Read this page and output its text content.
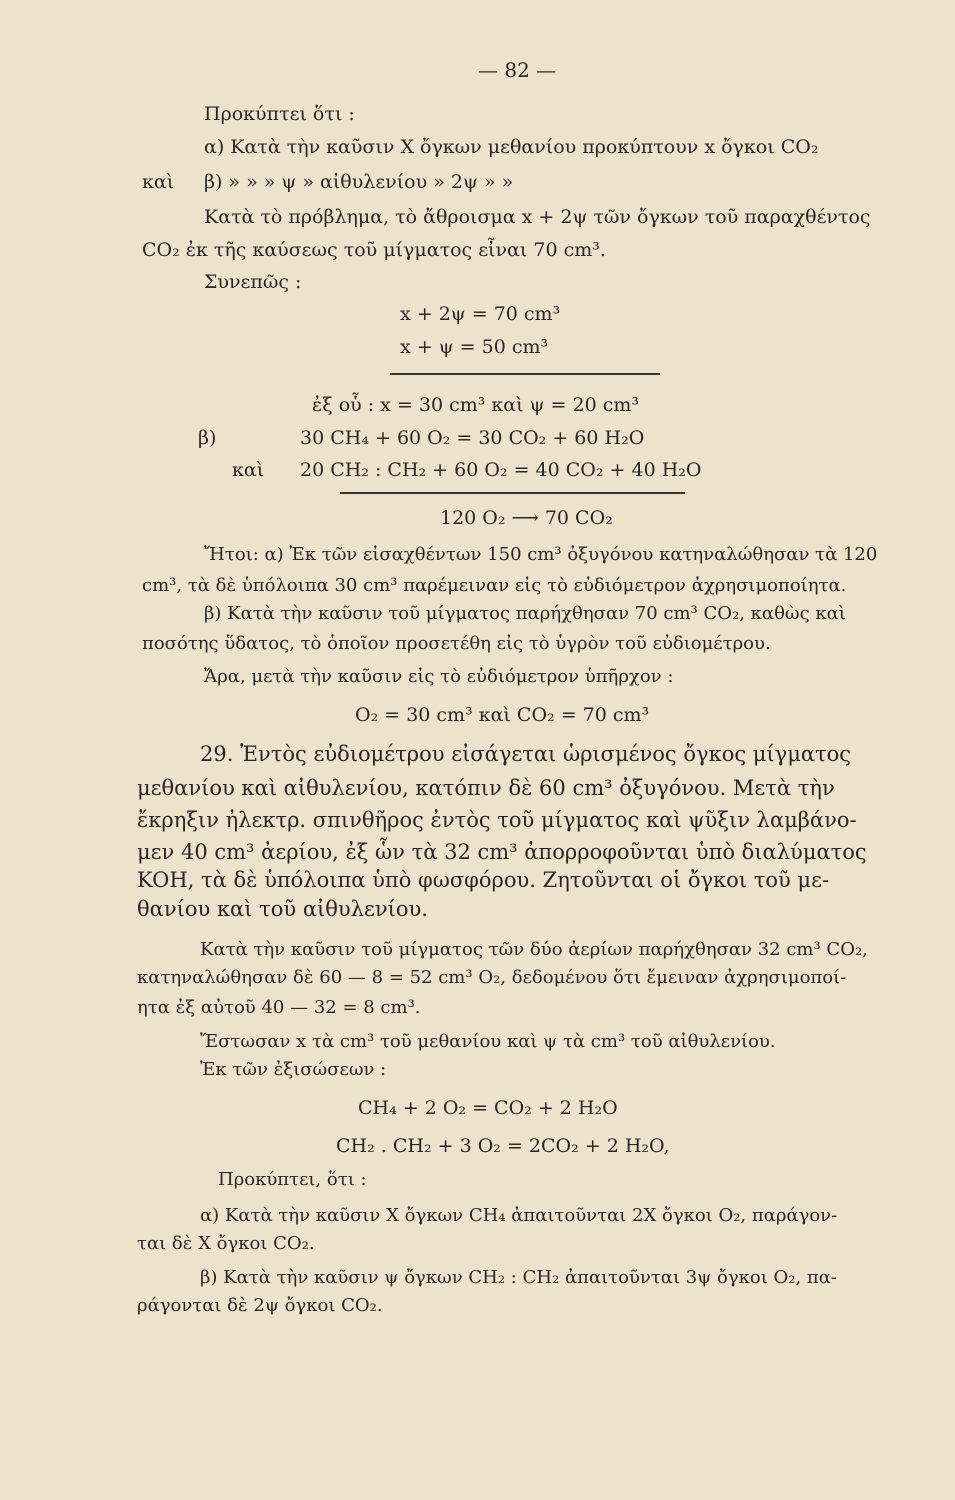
— 82 —
Προκύπτει ὅτι :
α) Κατὰ τὴν καῦσιν X ὄγκων μεθανίου προκύπτουν x ὄγκοι CO₂
καὶ β) » » » ψ » αἰθυλενίου » 2ψ » »
Κατὰ τὸ πρόβλημα, τὸ ἄθροισμα x + 2ψ τῶν ὄγκων τοῦ παραχθέντος
CO₂ ἐκ τῆς καύσεως τοῦ μίγματος εἶναι 70 cm³.
Συνεπῶς :
x + 2ψ = 70 cm³
x + ψ = 50 cm³
ἐξ οὗ : x = 30 cm³ καὶ ψ = 20 cm³
β)	30 CH₄ + 60 O₂ = 30 CO₂ + 60 H₂O
καὶ 20 CH₂ : CH₂ + 60 O₂ = 40 CO₂ + 40 H₂O
120 O₂ ⟶ 70 CO₂
Ἤτοι: α) Ἐκ τῶν εἰσαχθέντων 150 cm³ ὀξυγόνου κατηναλώθησαν τὰ 120
cm³, τὰ δὲ ὑπόλοιπα 30 cm³ παρέμειναν εἰς τὸ εὐδιόμετρον ἀχρησιμοποίητα.
β) Κατὰ τὴν καῦσιν τοῦ μίγματος παρήχθησαν 70 cm³ CO₂, καθὼς καὶ
ποσότης ὕδατος, τὸ ὁποῖον προσετέθη εἰς τὸ ὑγρὸν τοῦ εὐδιομέτρου.
Ἄρα, μετὰ τὴν καῦσιν εἰς τὸ εὐδιόμετρον ὑπῆρχον :
O₂ = 30 cm³ καὶ CO₂ = 70 cm³
29. Ἐντὸς εὐδιομέτρου εἰσάγεται ὡρισμένος ὄγκος μίγματος
μεθανίου καὶ αἰθυλενίου, κατόπιν δὲ 60 cm³ ὀξυγόνου. Μετὰ τὴν
ἔκρηξιν ἠλεκτρ. σπινθῆρος ἐντὸς τοῦ μίγματος καὶ ψῦξιν λαμβάνο-
μεν 40 cm³ ἀερίου, ἐξ ὧν τὰ 32 cm³ ἀπορροφοῦνται ὑπὸ διαλύματος
KOH, τὰ δὲ ὑπόλοιπα ὑπὸ φωσφόρου. Ζητοῦνται οἱ ὄγκοι τοῦ με-
θανίου καὶ τοῦ αἰθυλενίου.
Κατὰ τὴν καῦσιν τοῦ μίγματος τῶν δύο ἀερίων παρήχθησαν 32 cm³ CO₂,
κατηναλώθησαν δὲ 60 — 8 = 52 cm³ O₂, δεδομένου ὅτι ἔμειναν ἀχρησιμοποί-
ητα ἐξ αὐτοῦ 40 — 32 = 8 cm³.
Ἔστωσαν x τὰ cm³ τοῦ μεθανίου καὶ ψ τὰ cm³ τοῦ αἰθυλενίου.
Ἐκ τῶν ἐξισώσεων :
CH₄ + 2 O₂ = CO₂ + 2 H₂O
CH₂ . CH₂ + 3 O₂ = 2CO₂ + 2 H₂O,
Προκύπτει, ὅτι :
α) Κατὰ τὴν καῦσιν X ὄγκων CH₄ ἀπαιτοῦνται 2X ὄγκοι O₂, παράγον-
ται δὲ X ὄγκοι CO₂.
β) Κατὰ τὴν καῦσιν ψ ὄγκων CH₂ : CH₂ ἀπαιτοῦνται 3ψ ὄγκοι O₂, πα-
ράγονται δὲ 2ψ ὄγκοι CO₂.
